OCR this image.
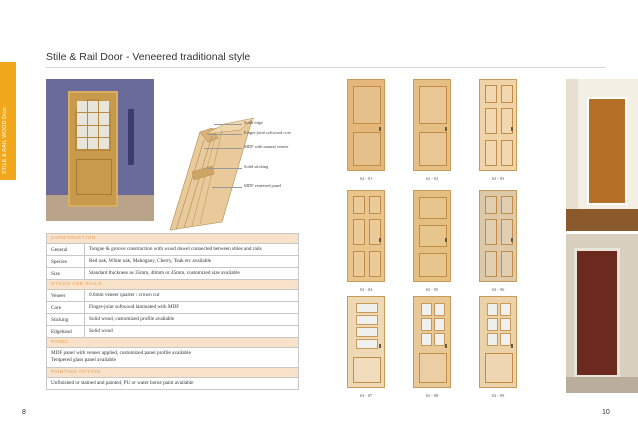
STILE & RAIL WOOD Door
Stile & Rail Door - Veneered traditional style
Solid edge
Finger-joint softwood core
MDF with natural veneer
Solid sticking
MDF veneered panel
CONSTRUCTION
General	Tongue & groove construction with wood dowel connected between stiles and rails
Species	Red oak, White oak, Mahogany, Cherry, Teak etc available
Size	Standard thickness as 35mm, 40mm or 45mm, customized size available
STILES AND RAILS
Veneer	0.6mm veneer quarter / crown cut
Core	Finger-joint softwood laminated with MDF
Sticking	Solid wood, customized profile available
Edgeband	Solid wood
PANEL
MDF panel with veneer applied, customized panel profile available
Tempered glass panel available
PAINTING OPTION
Unfinished or stained and painted, PU or water borne paint available
S2 - 01	S2 - 02	S2 - 03
S2 - 04	S2 - 05	S2 - 06
S2 - 07	S2 - 08	S2 - 09
8	10
